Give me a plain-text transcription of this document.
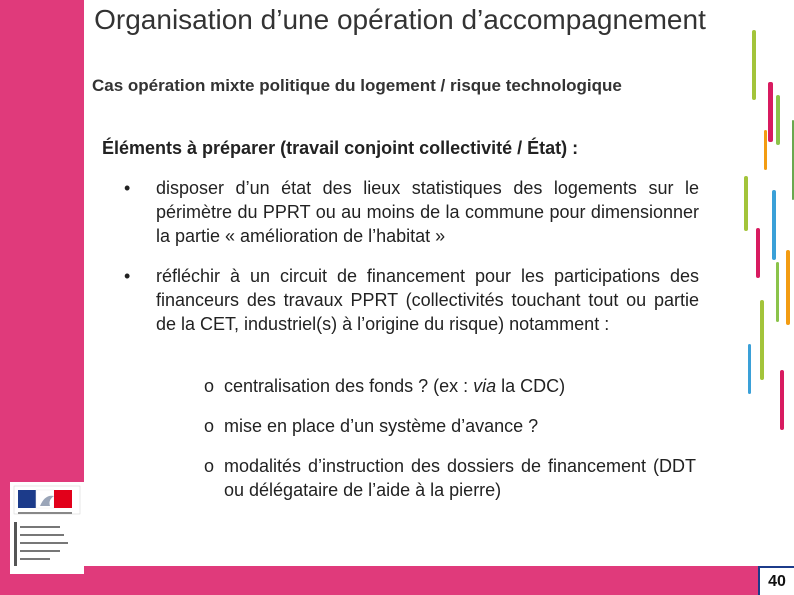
Organisation d’une opération d’accompagnement
Cas opération mixte politique du logement / risque technologique
Éléments à préparer (travail conjoint collectivité / État) :
• disposer d’un état des lieux statistiques des logements sur le périmètre du PPRT ou au moins de la commune pour dimensionner la partie « amélioration de l’habitat »
• réfléchir à un circuit de financement pour les participations des financeurs des travaux PPRT (collectivités touchant tout ou partie de la CET, industriel(s) à l’origine du risque) notamment :
o centralisation des fonds ? (ex : via la CDC)
o mise en place d’un système d’avance ?
o modalités d’instruction des dossiers de financement (DDT ou délégataire de l’aide à la pierre)
40
